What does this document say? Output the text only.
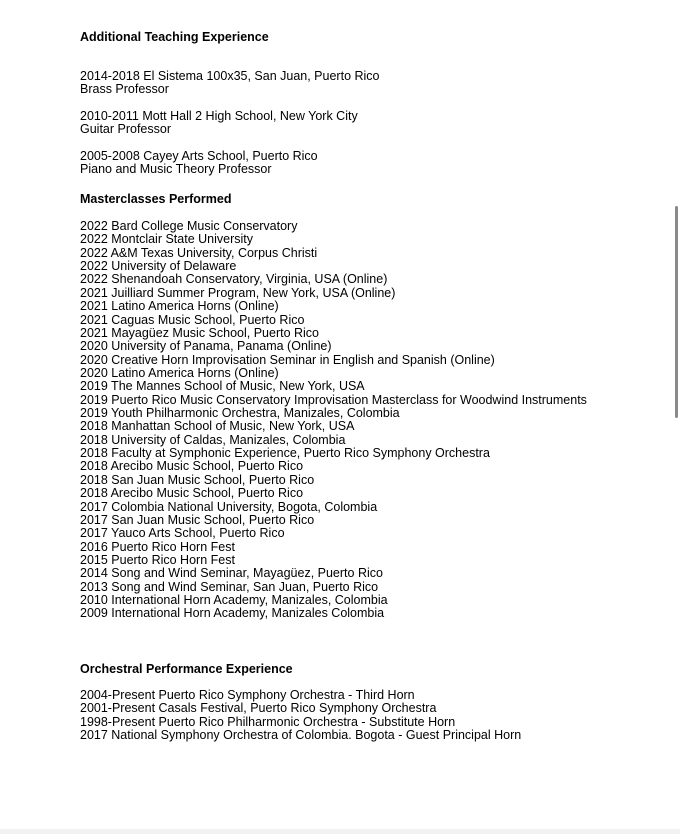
Additional Teaching Experience
2014-2018 El Sistema 100x35, San Juan, Puerto Rico
Brass Professor
2010-2011 Mott Hall 2 High School, New York City
Guitar Professor
2005-2008 Cayey Arts School, Puerto Rico
Piano and Music Theory Professor
Masterclasses Performed
2022 Bard College Music Conservatory
2022 Montclair State University
2022 A&M Texas University, Corpus Christi
2022 University of Delaware
2022 Shenandoah Conservatory, Virginia, USA (Online)
2021 Juilliard Summer Program, New York, USA (Online)
2021 Latino America Horns (Online)
2021 Caguas Music School, Puerto Rico
2021 Mayagüez Music School, Puerto Rico
2020 University of Panama, Panama (Online)
2020 Creative Horn Improvisation Seminar in English and Spanish (Online)
2020 Latino America Horns (Online)
2019 The Mannes School of Music, New York, USA
2019 Puerto Rico Music Conservatory Improvisation Masterclass for Woodwind Instruments
2019 Youth Philharmonic Orchestra, Manizales, Colombia
2018 Manhattan School of Music, New York, USA
2018 University of Caldas, Manizales, Colombia
2018 Faculty at Symphonic Experience, Puerto Rico Symphony Orchestra
2018 Arecibo Music School, Puerto Rico
2018 San Juan Music School, Puerto Rico
2018 Arecibo Music School, Puerto Rico
2017 Colombia National University, Bogota, Colombia
2017 San Juan Music School, Puerto Rico
2017 Yauco Arts School, Puerto Rico
2016 Puerto Rico Horn Fest
2015 Puerto Rico Horn Fest
2014 Song and Wind Seminar, Mayagüez, Puerto Rico
2013 Song and Wind Seminar, San Juan, Puerto Rico
2010 International Horn Academy, Manizales, Colombia
2009 International Horn Academy, Manizales Colombia
Orchestral Performance Experience
2004-Present Puerto Rico Symphony Orchestra - Third Horn
2001-Present Casals Festival, Puerto Rico Symphony Orchestra
1998-Present Puerto Rico Philharmonic Orchestra - Substitute Horn
2017 National Symphony Orchestra of Colombia. Bogota - Guest Principal Horn
